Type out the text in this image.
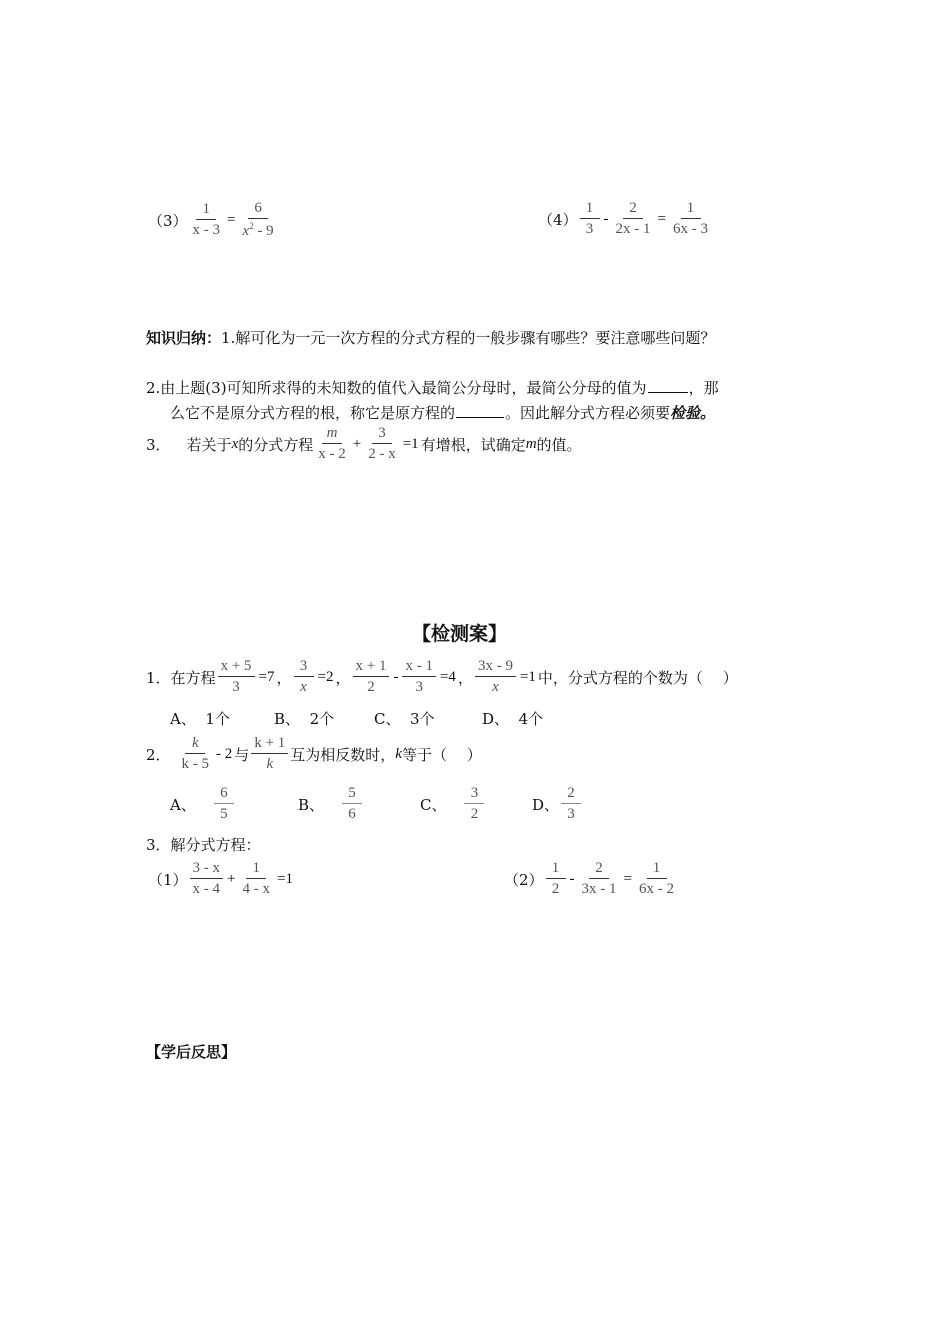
$(3) \frac{1}{x - 3} = \frac{6}{x^2 - 9}$	$(4) \frac{1}{3} - \frac{2}{2x - 1} = \frac{1}{6x - 3}$
知识归纳：1.解可化为一元一次方程的分式方程的一般步骤有哪些？要注意哪些问题？
2.由上题(3)可知所求得的未知数的值代入最简公分母时，最简公分母的值为	，那
么它不是原分式方程的根，称它是原方程的	。因此解分式方程必须要检验。
3． 若关于 x 的分式方程 $\frac{m}{x - 2} + \frac{3}{2 - x} =1$ 有增根，试确定 m 的值。
【检测案】
1． 在方程 $\frac{x + 5}{3} =7$ ， $\frac{3}{x} =2$ ， $\frac{x + 1}{2} - \frac{x - 1}{3} =4$ ， $\frac{3x - 9}{x} =1$ 中，分式方程的个数为（　 ）
A、 1个	B、 2个	C、 3个	D、 4个
2． $\frac{k}{k - 5} - 2$ 与 $\frac{k + 1}{k}$ 互为相反数时， k 等于（　 ）
A、 $\frac{6}{5}$	B、 $\frac{5}{6}$	C、 $\frac{3}{2}$	D、 $\frac{2}{3}$
3．解分式方程：
$(1) \frac{3 - x}{x - 4} + \frac{1}{4 - x} =1$	$(2) \frac{1}{2} - \frac{2}{3x - 1} = \frac{1}{6x - 2}$
【学后反思】
